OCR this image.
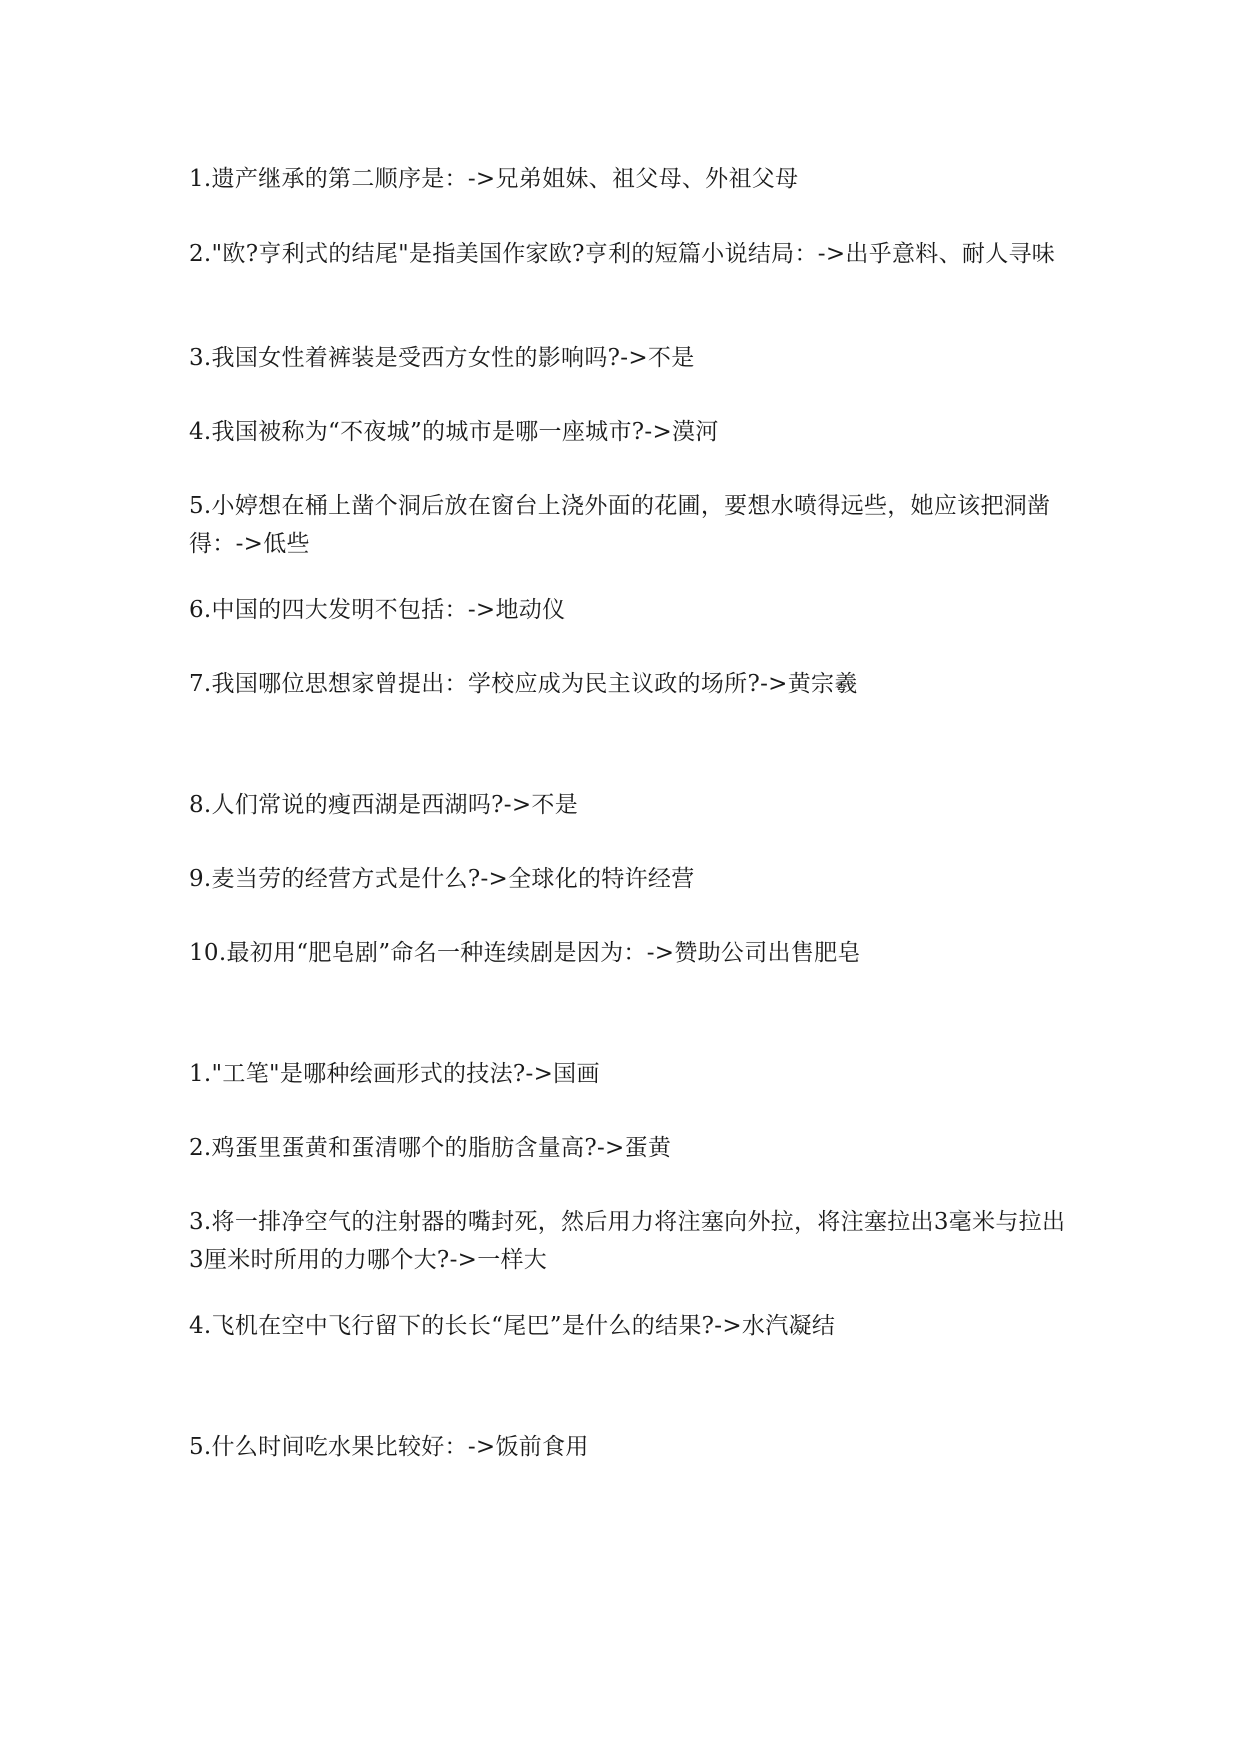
1.遗产继承的第二顺序是：->兄弟姐妹、祖父母、外祖父母

2."欧?亨利式的结尾"是指美国作家欧?亨利的短篇小说结局：->出乎意料、耐人寻味

3.我国女性着裤装是受西方女性的影响吗?->不是

4.我国被称为“不夜城”的城市是哪一座城市?->漠河

5.小婷想在桶上凿个洞后放在窗台上浇外面的花圃，要想水喷得远些，她应该把洞凿得：->低些

6.中国的四大发明不包括：->地动仪

7.我国哪位思想家曾提出：学校应成为民主议政的场所?->黄宗羲

8.人们常说的瘦西湖是西湖吗?->不是

9.麦当劳的经营方式是什么?->全球化的特许经营

10.最初用“肥皂剧”命名一种连续剧是因为：->赞助公司出售肥皂

1."工笔"是哪种绘画形式的技法?->国画

2.鸡蛋里蛋黄和蛋清哪个的脂肪含量高?->蛋黄

3.将一排净空气的注射器的嘴封死，然后用力将注塞向外拉，将注塞拉出3毫米与拉出3厘米时所用的力哪个大?->一样大

4.飞机在空中飞行留下的长长“尾巴”是什么的结果?->水汽凝结

5.什么时间吃水果比较好：->饭前食用
